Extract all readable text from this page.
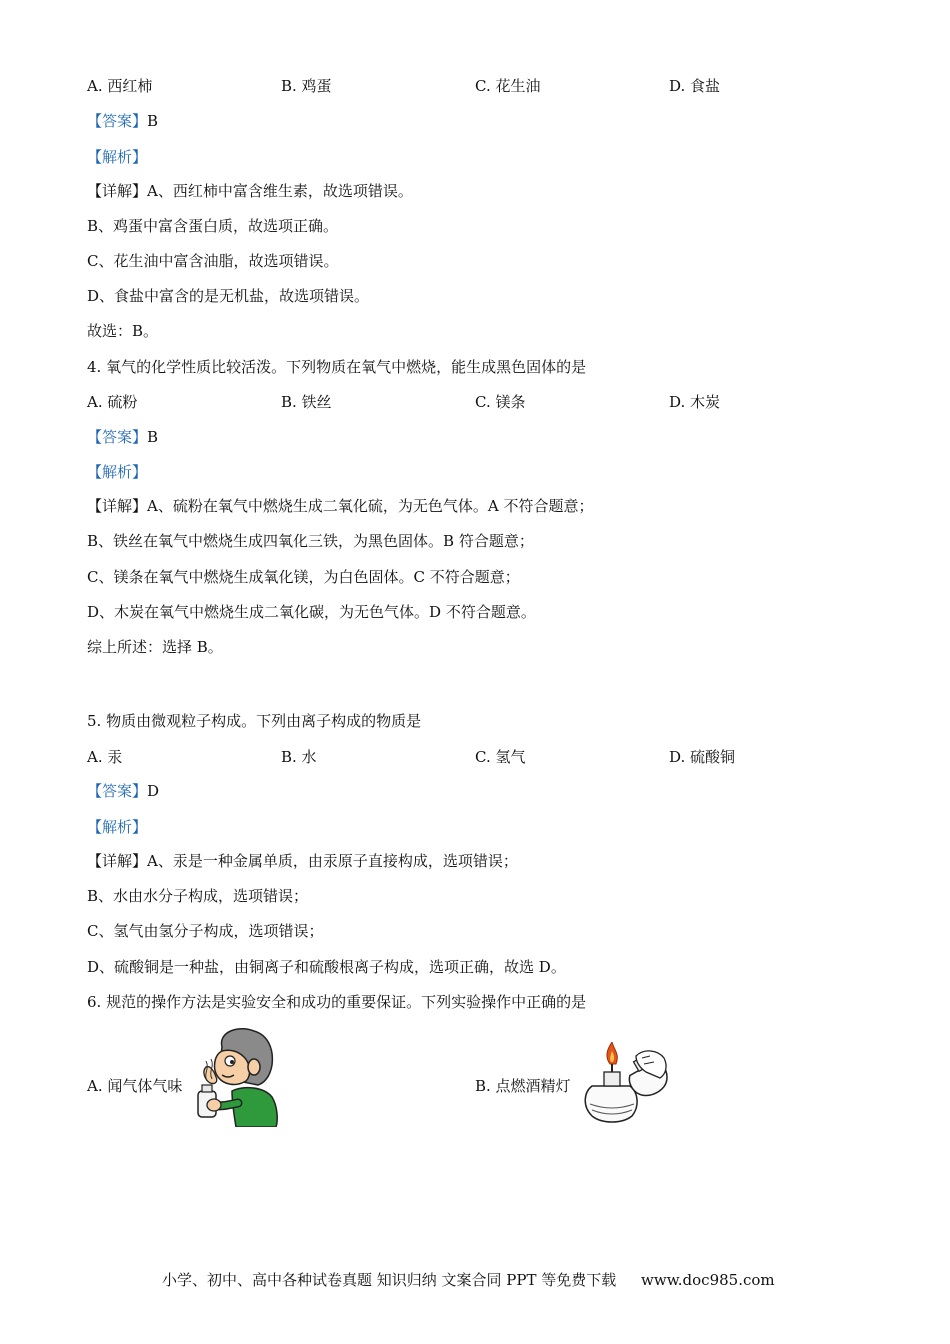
A. 西红柿	B. 鸡蛋	C. 花生油	D. 食盐
【答案】B
【解析】
【详解】A、西红柿中富含维生素，故选项错误。
B、鸡蛋中富含蛋白质，故选项正确。
C、花生油中富含油脂，故选项错误。
D、食盐中富含的是无机盐，故选项错误。
故选：B。
4. 氧气的化学性质比较活泼。下列物质在氧气中燃烧，能生成黑色固体的是
A. 硫粉	B. 铁丝	C. 镁条	D. 木炭
【答案】B
【解析】
【详解】A、硫粉在氧气中燃烧生成二氧化硫，为无色气体。A 不符合题意；
B、铁丝在氧气中燃烧生成四氧化三铁，为黑色固体。B 符合题意；
C、镁条在氧气中燃烧生成氧化镁，为白色固体。C 不符合题意；
D、木炭在氧气中燃烧生成二氧化碳，为无色气体。D 不符合题意。
综上所述：选择 B。
5. 物质由微观粒子构成。下列由离子构成的物质是
A. 汞	B. 水	C. 氢气	D. 硫酸铜
【答案】D
【解析】
【详解】A、汞是一种金属单质，由汞原子直接构成，选项错误；
B、水由水分子构成，选项错误；
C、氢气由氢分子构成，选项错误；
D、硫酸铜是一种盐，由铜离子和硫酸根离子构成，选项正确，故选 D。
6. 规范的操作方法是实验安全和成功的重要保证。下列实验操作中正确的是
A. 闻气体气味	B. 点燃酒精灯
小学、初中、高中各种试卷真题 知识归纳 文案合同 PPT 等免费下载 www.doc985.com
